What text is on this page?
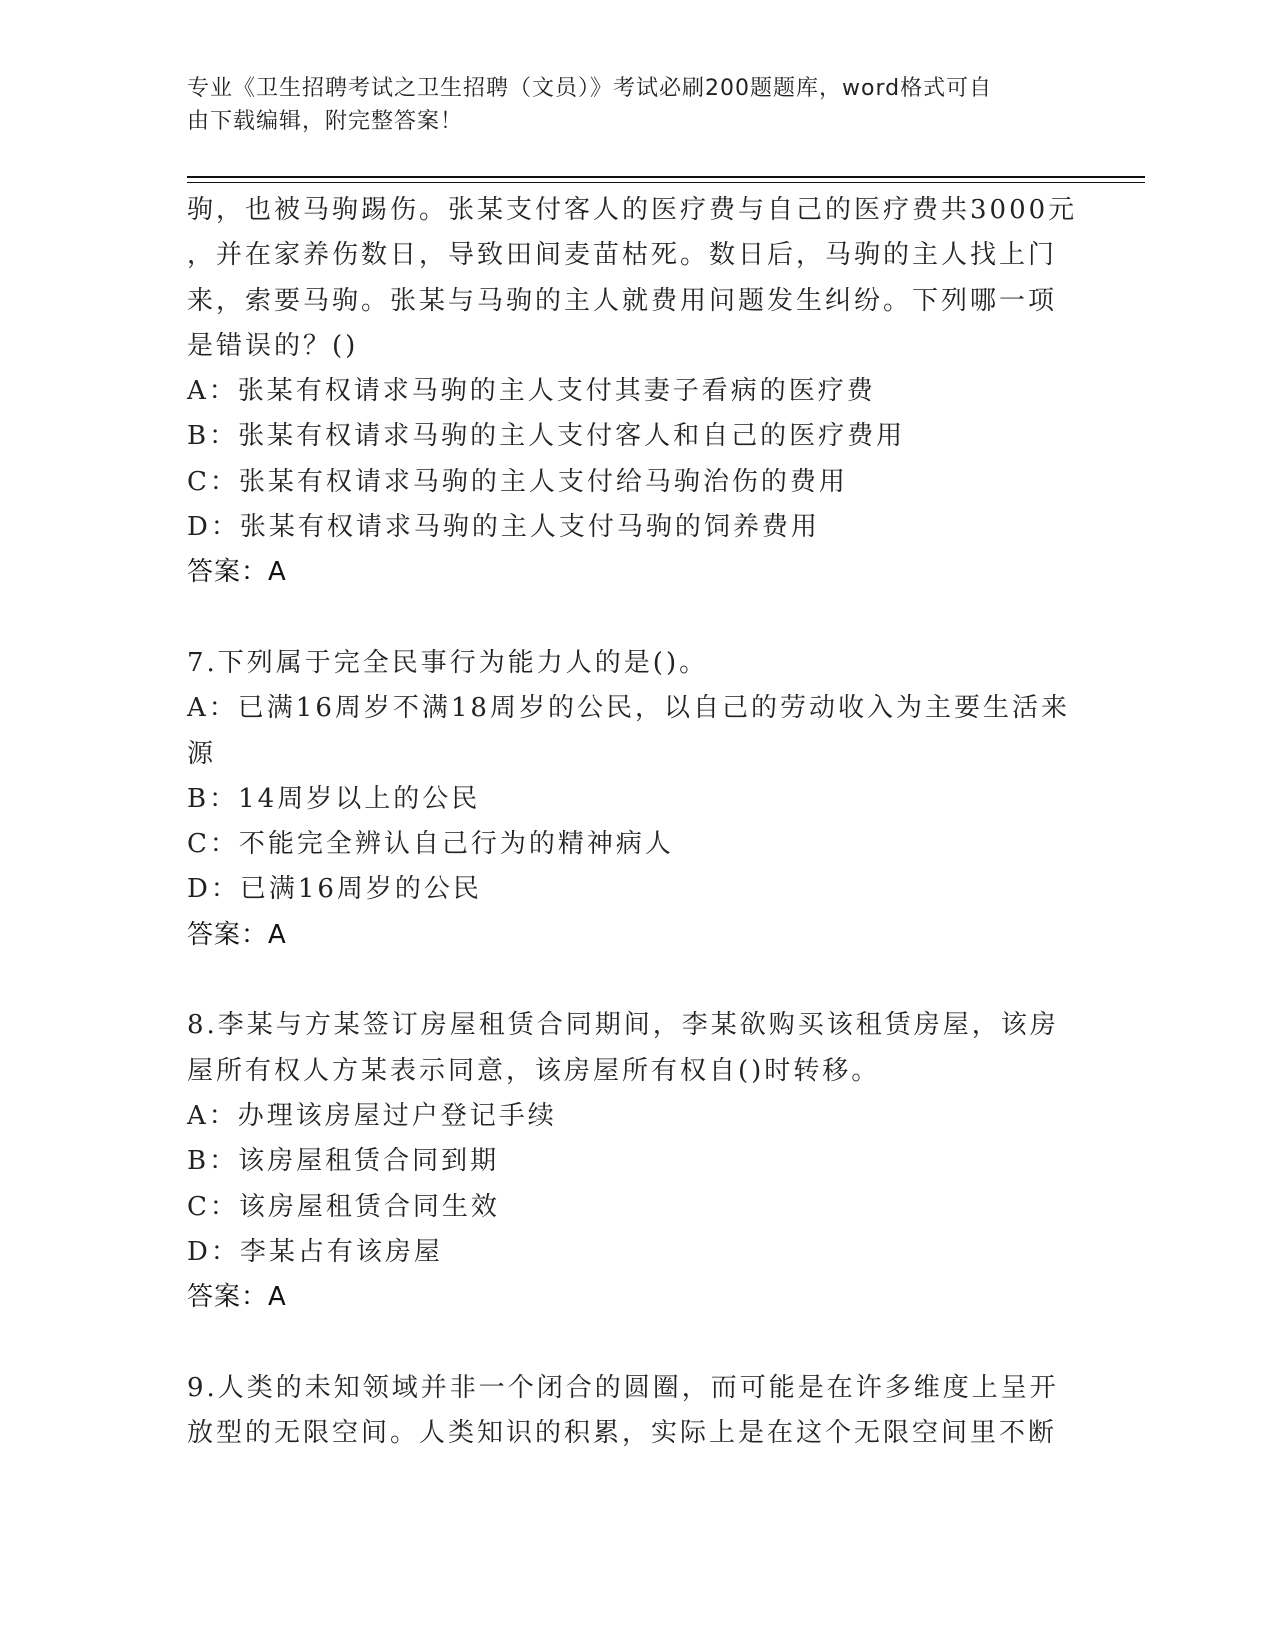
专业《卫生招聘考试之卫生招聘（文员）》考试必刷200题题库，word格式可自
由下载编辑，附完整答案！
驹，也被马驹踢伤。张某支付客人的医疗费与自己的医疗费共3000元
，并在家养伤数日，导致田间麦苗枯死。数日后，马驹的主人找上门
来，索要马驹。张某与马驹的主人就费用问题发生纠纷。下列哪一项
是错误的？()
A：张某有权请求马驹的主人支付其妻子看病的医疗费
B：张某有权请求马驹的主人支付客人和自己的医疗费用
C：张某有权请求马驹的主人支付给马驹治伤的费用
D：张某有权请求马驹的主人支付马驹的饲养费用
答案：A
7.下列属于完全民事行为能力人的是()。
A：已满16周岁不满18周岁的公民，以自己的劳动收入为主要生活来
源
B：14周岁以上的公民
C：不能完全辨认自己行为的精神病人
D：已满16周岁的公民
答案：A
8.李某与方某签订房屋租赁合同期间，李某欲购买该租赁房屋，该房
屋所有权人方某表示同意，该房屋所有权自()时转移。
A：办理该房屋过户登记手续
B：该房屋租赁合同到期
C：该房屋租赁合同生效
D：李某占有该房屋
答案：A
9.人类的未知领域并非一个闭合的圆圈，而可能是在许多维度上呈开
放型的无限空间。人类知识的积累，实际上是在这个无限空间里不断
